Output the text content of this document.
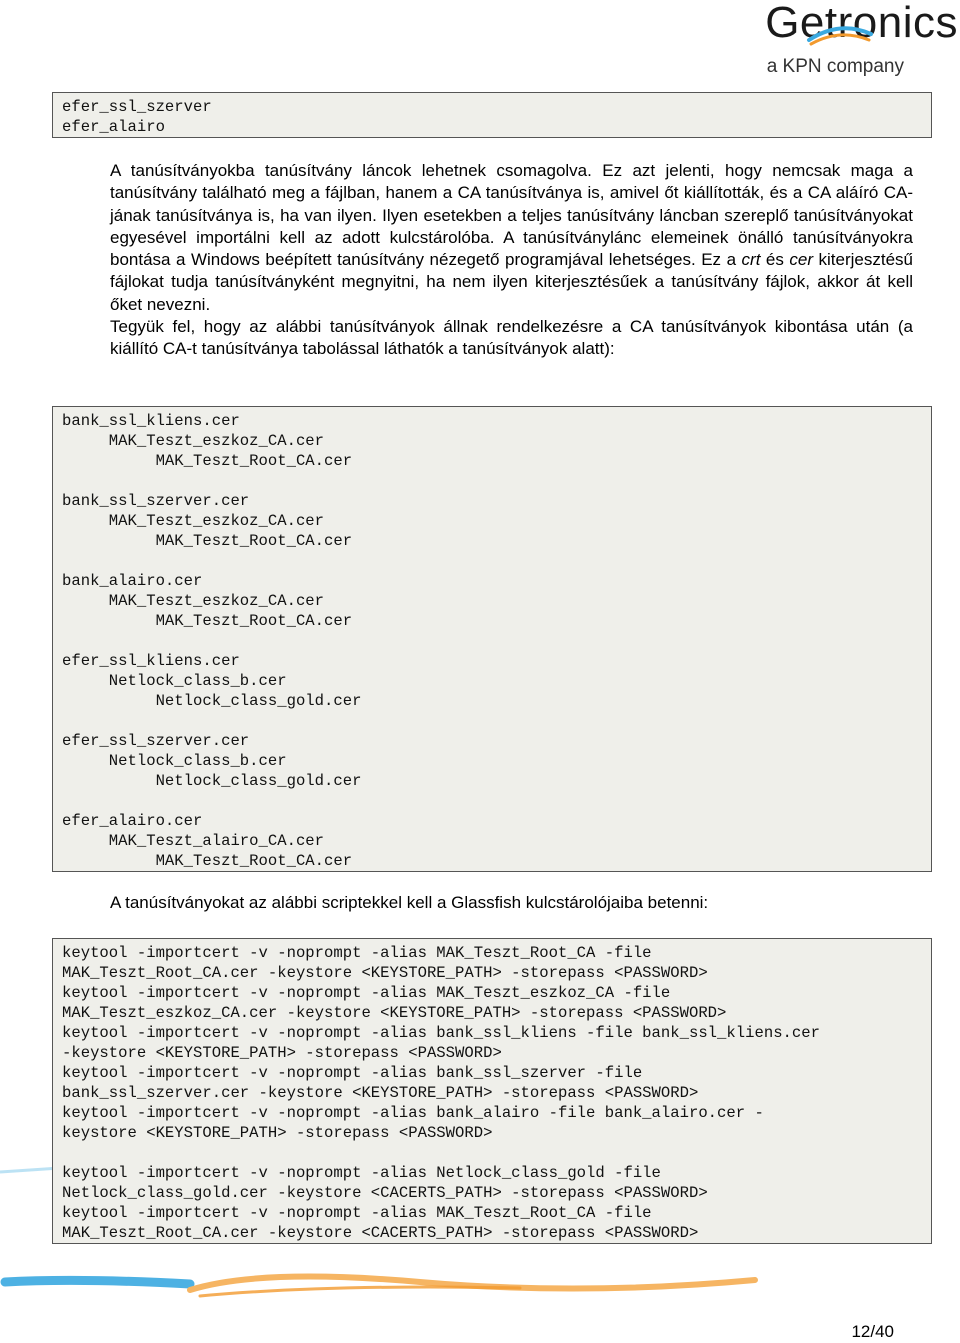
Getronics
a KPN company
efer_ssl_szerver
efer_alairo

A tanúsítványokba tanúsítvány láncok lehetnek csomagolva. Ez azt jelenti, hogy nemcsak maga a tanúsítvány található meg a fájlban, hanem a CA tanúsítványa is, amivel őt kiállították, és a CA aláíró CA-jának tanúsítványa is, ha van ilyen. Ilyen esetekben a teljes tanúsítvány láncban szereplő tanúsítványokat egyesével importálni kell az adott kulcstárolóba. A tanúsítványlánc elemeinek önálló tanúsítványokra bontása a Windows beépített tanúsítvány nézegető programjával lehetséges. Ez a crt és cer kiterjesztésű fájlokat tudja tanúsítványként megnyitni, ha nem ilyen kiterjesztésűek a tanúsítvány fájlok, akkor át kell őket nevezni.

Tegyük fel, hogy az alábbi tanúsítványok állnak rendelkezésre a CA tanúsítványok kibontása után (a kiállító CA-t tanúsítványa tabolással láthatók a tanúsítványok alatt):

bank_ssl_kliens.cer
MAK_Teszt_eszkoz_CA.cer
MAK_Teszt_Root_CA.cer
bank_ssl_szerver.cer
MAK_Teszt_eszkoz_CA.cer
MAK_Teszt_Root_CA.cer
bank_alairo.cer
MAK_Teszt_eszkoz_CA.cer
MAK_Teszt_Root_CA.cer
efer_ssl_kliens.cer
Netlock_class_b.cer
Netlock_class_gold.cer
efer_ssl_szerver.cer
Netlock_class_b.cer
Netlock_class_gold.cer
efer_alairo.cer
MAK_Teszt_alairo_CA.cer
MAK_Teszt_Root_CA.cer
A tanúsítványokat az alábbi scriptekkel kell a Glassfish kulcstárolójaiba betenni:
keytool -importcert -v -noprompt -alias MAK_Teszt_Root_CA -file
MAK_Teszt_Root_CA.cer -keystore <KEYSTORE_PATH> -storepass <PASSWORD>
keytool -importcert -v -noprompt -alias MAK_Teszt_eszkoz_CA -file
MAK_Teszt_eszkoz_CA.cer -keystore <KEYSTORE_PATH> -storepass <PASSWORD>
keytool -importcert -v -noprompt -alias bank_ssl_kliens -file bank_ssl_kliens.cer
-keystore <KEYSTORE_PATH> -storepass <PASSWORD>
keytool -importcert -v -noprompt -alias bank_ssl_szerver -file
bank_ssl_szerver.cer -keystore <KEYSTORE_PATH> -storepass <PASSWORD>
keytool -importcert -v -noprompt -alias bank_alairo -file bank_alairo.cer -
keystore <KEYSTORE_PATH> -storepass <PASSWORD>
keytool -importcert -v -noprompt -alias Netlock_class_gold -file
Netlock_class_gold.cer -keystore <CACERTS_PATH> -storepass <PASSWORD>
keytool -importcert -v -noprompt -alias MAK_Teszt_Root_CA -file
MAK_Teszt_Root_CA.cer -keystore <CACERTS_PATH> -storepass <PASSWORD>
12/40
